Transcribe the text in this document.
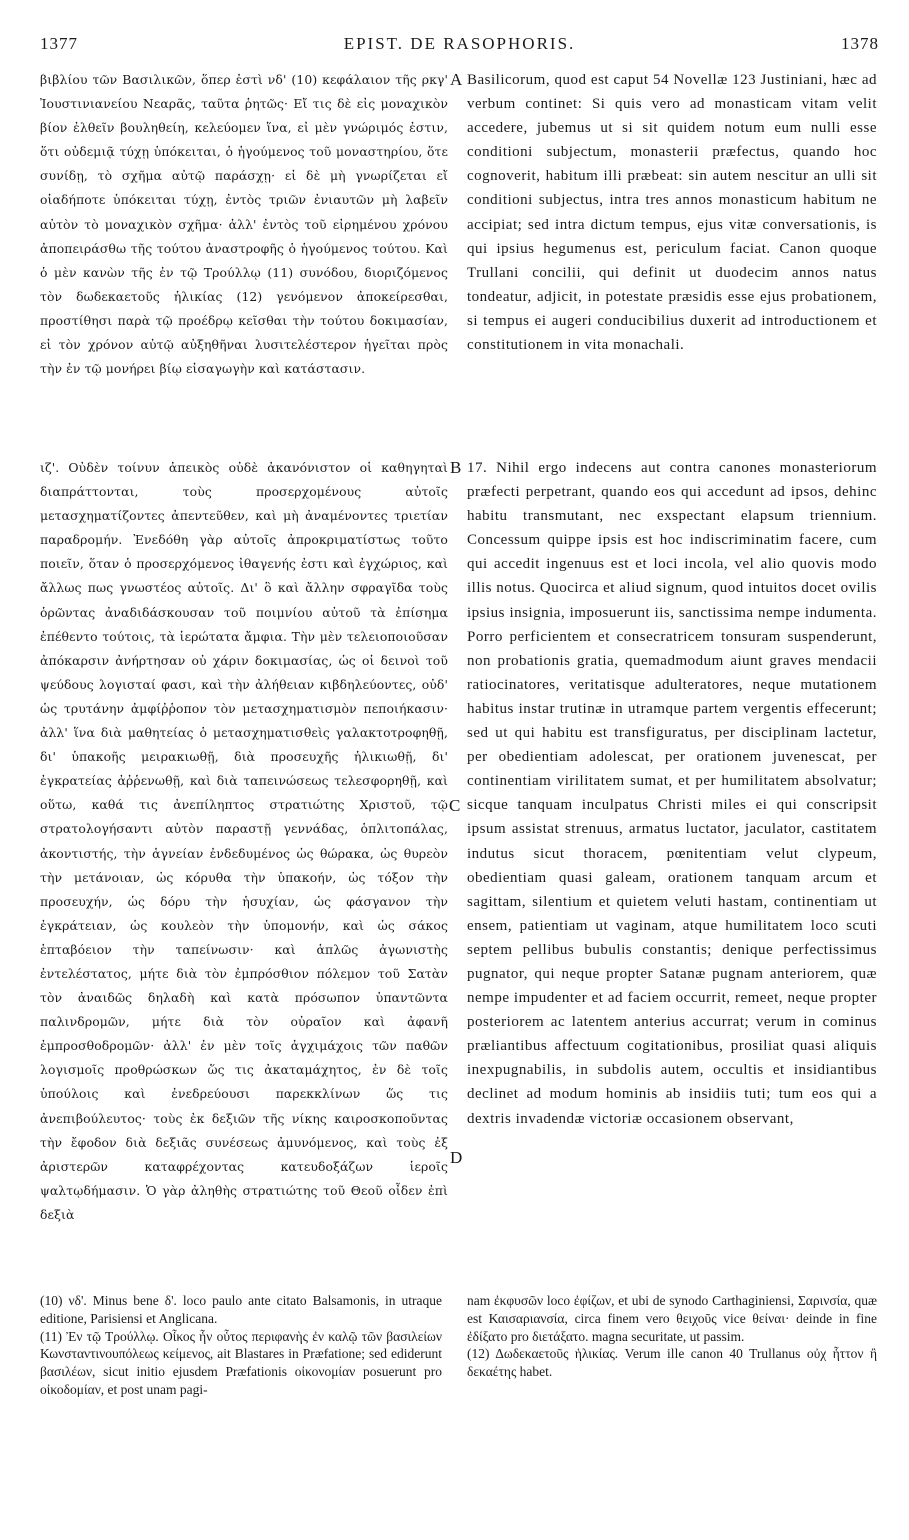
1377	EPIST. DE RASOPHORIS.	1378

βιβλίου τῶν Βασιλικῶν, ὅπερ ἐστὶ νδ' (10) κεφάλαιον τῆς ρκγ' Ἰουστινιανείου Νεαρᾶς, ταῦτα ῥητῶς· Εἴ τις δὲ εἰς μοναχικὸν βίον ἐλθεῖν βουληθείη, κελεύομεν ἵνα, εἰ μὲν γνώριμός ἐστιν, ὅτι οὐδεμιᾷ τύχῃ ὑπόκειται, ὁ ἡγούμενος τοῦ μοναστηρίου, ὅτε συνίδῃ, τὸ σχῆμα αὐτῷ παράσχῃ· εἰ δὲ μὴ γνωρίζεται εἴ οἱαδήποτε ὑπόκειται τύχῃ, ἐντὸς τριῶν ἐνιαυτῶν μὴ λαβεῖν αὐτὸν τὸ μοναχικὸν σχῆμα· ἀλλ' ἐντὸς τοῦ εἰρημένου χρόνου ἀποπειράσθω τῆς τούτου ἀναστροφῆς ὁ ἡγούμενος τούτου. Καὶ ὁ μὲν κανὼν τῆς ἐν τῷ Τρούλλῳ (11) συνόδου, διοριζόμενος τὸν δωδεκαετοῦς ἡλικίας (12) γενόμενον ἀποκείρεσθαι, προστίθησι παρὰ τῷ προέδρῳ κεῖσθαι τὴν τούτου δοκιμασίαν, εἰ τὸν χρόνον αὐτῷ αὐξηθῆναι λυσιτελέστερον ἡγεῖται πρὸς τὴν ἐν τῷ μονήρει βίῳ εἰσαγωγὴν καὶ κατάστασιν.

A Basilicorum, quod est caput 54 Novellæ 123 Justiniani, hæc ad verbum continet: Si quis vero ad monasticam vitam velit accedere, jubemus ut si sit quidem notum eum nulli esse conditioni subjectum, monasterii præfectus, quando hoc cognoverit, habitum illi præbeat: sin autem nescitur an ulli sit conditioni subjectus, intra tres annos monasticum habitum ne accipiat; sed intra dictum tempus, ejus vitæ conversationis, is qui ipsius hegumenus est, periculum faciat. Canon quoque Trullani concilii, qui definit ut duodecim annos natus tondeatur, adjicit, in potestate præsidis esse ejus probationem, si tempus ei augeri conducibilius duxerit ad introductionem et constitutionem in vita monachali.

ιζ'. Οὐδὲν τοίνυν ἀπεικὸς οὐδὲ ἀκανόνιστον οἱ καθηγηταὶ διαπράττονται, τοὺς προσερχομένους αὐτοῖς μετασχηματίζοντες ἀπεντεῦθεν, καὶ μὴ ἀναμένοντες τριετίαν παραδρομήν. Ἐνεδόθη γὰρ αὐτοῖς ἀπροκριματίστως τοῦτο ποιεῖν, ὅταν ὁ προσερχόμενος ἰθαγενής ἐστι καὶ ἐγχώριος, καὶ ἄλλως πως γνωστέος αὐτοῖς. Δι' ὃ καὶ ἄλλην σφραγῖδα τοὺς ὁρῶντας ἀναδιδάσκουσαν τοῦ ποιμνίου αὐτοῦ τὰ ἐπίσημα ἐπέθεντο τούτοις, τὰ ἱερώτατα ἄμφια. Τὴν μὲν τελειοποιοῦσαν ἀπόκαρσιν ἀνήρτησαν οὐ χάριν δοκιμασίας, ὡς οἱ δεινοὶ τοῦ ψεύδους λογισταί φασι, καὶ τὴν ἀλήθειαν κιβδηλεύοντες, οὐδ' ὡς τρυτάνην ἀμφίῤῥοπον τὸν μετασχηματισμὸν πεποιήκασιν· ἀλλ' ἵνα διὰ μαθητείας ὁ μετασχηματισθεὶς γαλακτοτροφηθῇ, δι' ὑπακοῆς μειρακιωθῇ, διὰ προσευχῆς ἡλικιωθῇ, δι' ἐγκρατείας ἀῤῥενωθῇ, καὶ διὰ ταπεινώσεως τελεσφορηθῇ, καὶ οὕτω, καθά τις ἀνεπίληπτος στρατιώτης Χριστοῦ, τῷ στρατολογήσαντι αὐτὸν παραστῇ γεννάδας, ὁπλιτοπάλας, ἀκοντιστής, τὴν ἁγνείαν ἐνδεδυμένος ὡς θώρακα, ὡς θυρεὸν τὴν μετάνοιαν, ὡς κόρυθα τὴν ὑπακοήν, ὡς τόξον τὴν προσευχήν, ὡς δόρυ τὴν ἡσυχίαν, ὡς φάσγανον τὴν ἐγκράτειαν, ὡς κουλεὸν τὴν ὑπομονήν, καὶ ὡς σάκος ἑπταβόειον τὴν ταπείνωσιν· καὶ ἁπλῶς ἀγωνιστὴς ἐντελέστατος, μήτε διὰ τὸν ἐμπρόσθιον πόλεμον τοῦ Σατὰν τὸν ἀναιδῶς δηλαδὴ καὶ κατὰ πρόσωπον ὑπαντῶντα παλινδρομῶν, μήτε διὰ τὸν οὐραῖον καὶ ἀφανῆ ἐμπροσθοδρομῶν· ἀλλ' ἐν μὲν τοῖς ἀγχιμάχοις τῶν παθῶν λογισμοῖς προθρώσκων ὥς τις ἀκαταμάχητος, ἐν δὲ τοῖς ὑπούλοις καὶ ἐνεδρεύουσι παρεκκλίνων ὥς τις ἀνεπιβούλευτος· τοὺς ἐκ δεξιῶν τῆς νίκης καιροσκοποῦντας τὴν ἔφοδον διὰ δεξιᾶς συνέσεως ἀμυνόμενος, καὶ τοὺς ἐξ ἀριστερῶν καταφρέχοντας κατευδοξάζων ἱεροῖς ψαλτῳδήμασιν. Ὁ γὰρ ἀληθὴς στρατιώτης τοῦ Θεοῦ οἶδεν ἐπὶ δεξιὰ

B
C
D

17. Nihil ergo indecens aut contra canones monasteriorum præfecti perpetrant, quando eos qui accedunt ad ipsos, dehinc habitu transmutant, nec exspectant elapsum triennium. Concessum quippe ipsis est hoc indiscriminatim facere, cum qui accedit ingenuus est et loci incola, vel alio quovis modo illis notus. Quocirca et aliud signum, quod intuitos docet ovilis ipsius insignia, imposuerunt iis, sanctissima nempe indumenta. Porro perficientem et consecratricem tonsuram suspenderunt, non probationis gratia, quemadmodum aiunt graves mendacii ratiocinatores, veritatisque adulteratores, neque mutationem habitus instar trutinæ in utramque partem vergentis effecerunt; sed ut qui habitu est transfiguratus, per disciplinam lactetur, per obedientiam adolescat, per orationem juvenescat, per continentiam virilitatem sumat, et per humilitatem absolvatur; sicque tanquam inculpatus Christi miles ei qui conscripsit ipsum assistat strenuus, armatus luctator, jaculator, castitatem indutus sicut thoracem, pœnitentiam velut clypeum, obedientiam quasi galeam, orationem tanquam arcum et sagittam, silentium et quietem veluti hastam, continentiam ut ensem, patientiam ut vaginam, atque humilitatem loco scuti septem pellibus bubulis constantis; denique perfectissimus pugnator, qui neque propter Satanæ pugnam anteriorem, quæ nempe impudenter et ad faciem occurrit, remeet, neque propter posteriorem ac latentem anterius accurrat; verum in cominus præliantibus affectuum cogitationibus, prosiliat quasi aliquis inexpugnabilis, in subdolis autem, occultis et insidiantibus declinet ad modum hominis ab insidiis tuti; tum eos qui a dextris invadendæ victoriæ occasionem observant,

(10) νδ'. Minus bene δ'. loco paulo ante citato Balsamonis, in utraque editione, Parisiensi et Anglicana.

(11) Ἐν τῷ Τρούλλῳ. Οἶκος ἦν οὗτος περιφανὴς ἐν καλῷ τῶν βασιλείων Κωνσταντινουπόλεως κείμενος, ait Blastares in Præfatione; sed ediderunt βασιλέων, sicut initio ejusdem Præfationis οἰκονομίαν posuerunt pro οἰκοδομίαν, et post unam pagi-

nam ἐκφυσῶν loco ἐφίζων, et ubi de synodo Carthaginiensi, Σαρινσία, quæ est Καισαριανσία, circa finem vero θειχοῦς vice θείναι· deinde in fine ἐδίξατο pro διετάξατο. magna securitate, ut passim.

(12) Δωδεκαετοῦς ἡλικίας. Verum ille canon 40 Trullanus οὐχ ἧττον ἢ δεκαέτης habet.
